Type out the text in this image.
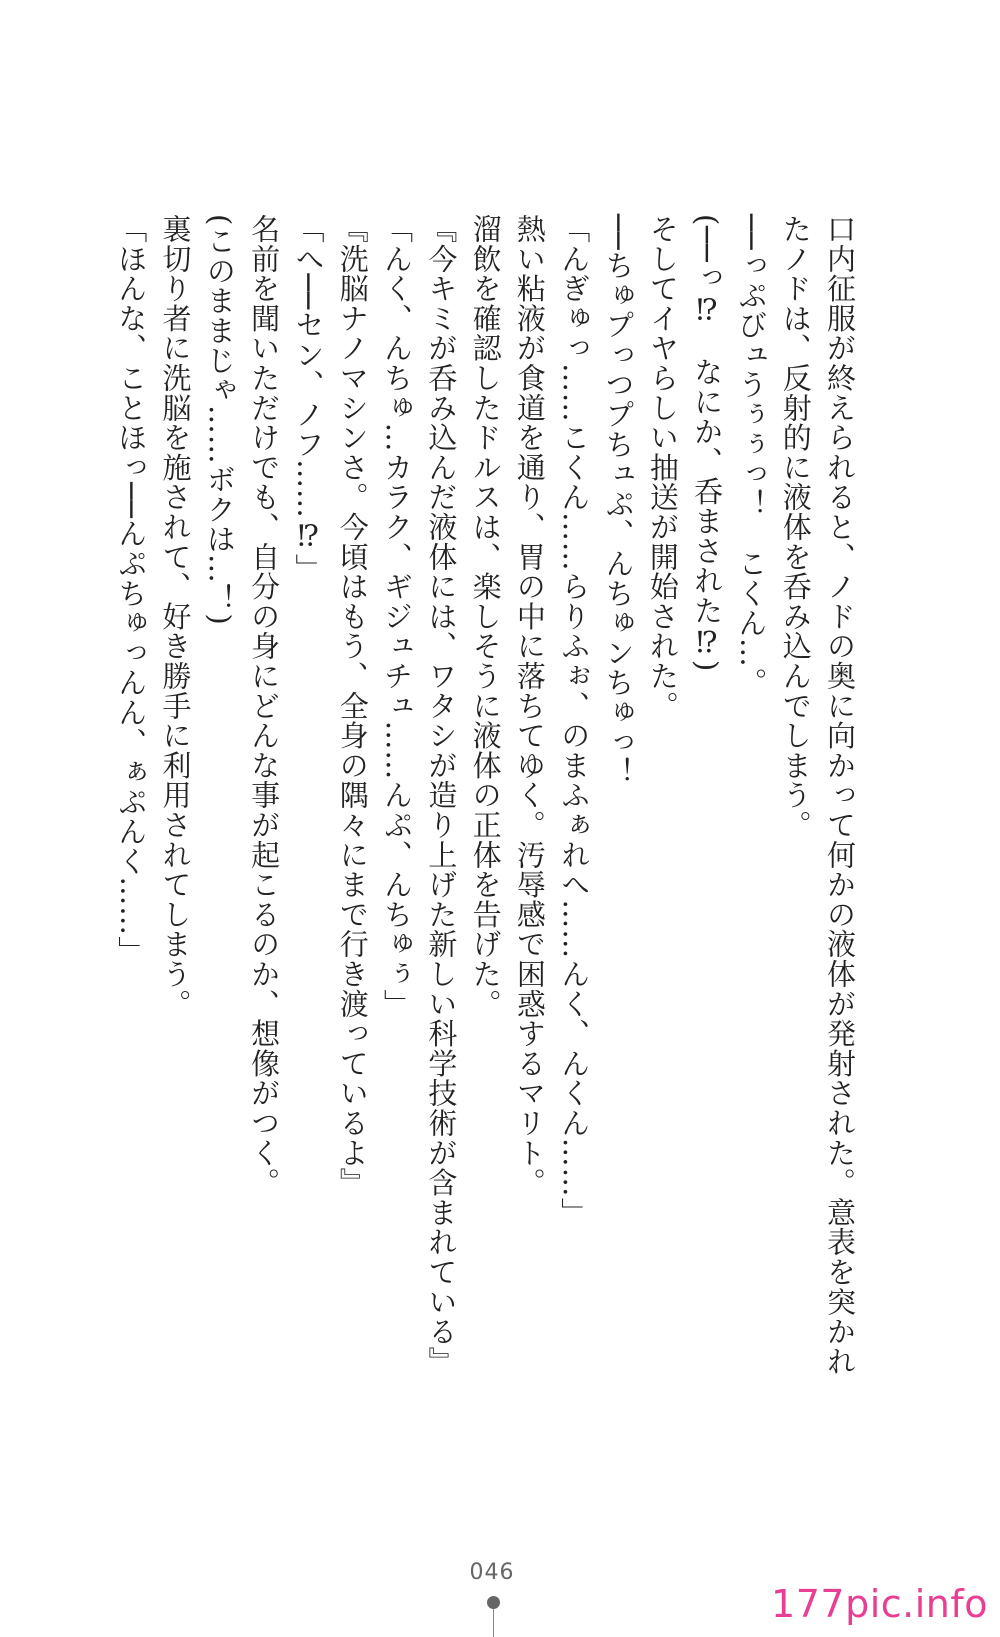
口内征服が終えられると、ノドの奥に向かって何かの液体が発射された。意表を突かれ

たノドは、反射的に液体を呑み込んでしまう。

──っぷびュうぅぅっ！　こくん…。

(──っ⁉　なにか、呑まされた⁉)

そしてイヤらしい抽送が開始された。

──ちゅプっつプちュぷ、んちゅンちゅっ！

「んぎゅっ……こくん……らりふぉ、のまふぁれへ……んく、んくん……」

熱い粘液が食道を通り、胃の中に落ちてゆく。汚辱感で困惑するマリト。

溜飲を確認したドルスは、楽しそうに液体の正体を告げた。

『今キミが呑み込んだ液体には、ワタシが造り上げた新しい科学技術が含まれている』

「んく、んちゅ…カラク、ギジュチュ……んぷ、んちゅぅ」

『洗脳ナノマシンさ。今頃はもう、全身の隅々にまで行き渡っているよ』

「へ──セン、ノフ……⁉」

名前を聞いただけでも、自分の身にどんな事が起こるのか、想像がつく。

(このままじゃ……ボクは…！)

裏切り者に洗脳を施されて、好き勝手に利用されてしまう。

「ほんな、ことほっ──んぷちゅっんん、ぁぷんく……」

046
177pic.info
